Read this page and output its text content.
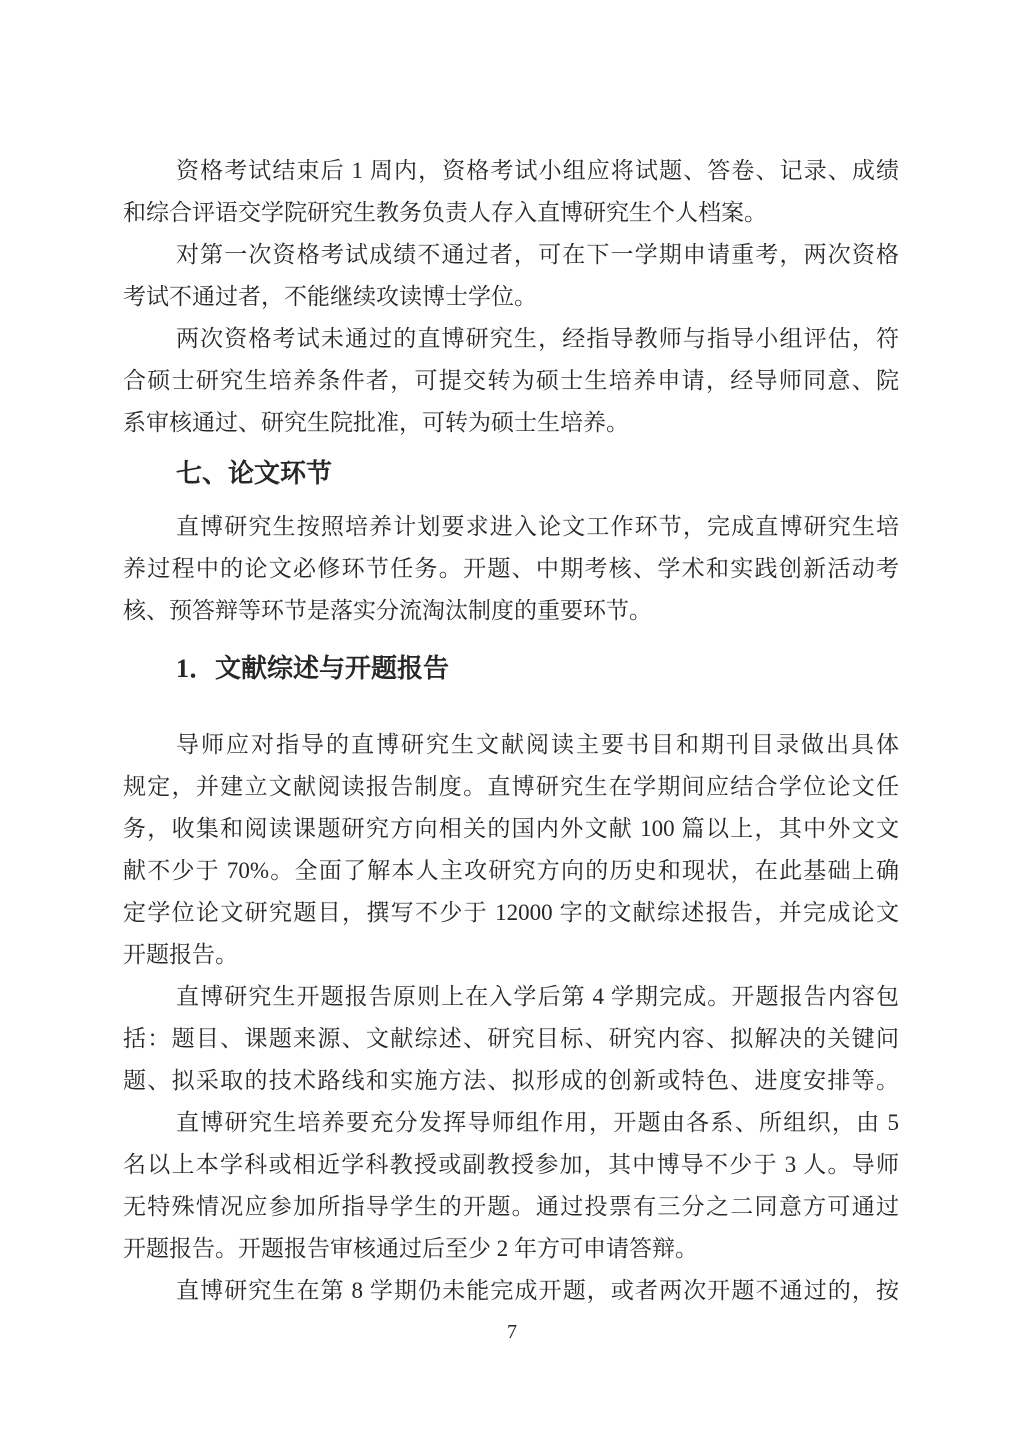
资格考试结束后 1 周内，资格考试小组应将试题、答卷、记录、成绩
和综合评语交学院研究生教务负责人存入直博研究生个人档案。
对第一次资格考试成绩不通过者，可在下一学期申请重考，两次资格
考试不通过者，不能继续攻读博士学位。
两次资格考试未通过的直博研究生，经指导教师与指导小组评估，符
合硕士研究生培养条件者，可提交转为硕士生培养申请，经导师同意、院
系审核通过、研究生院批准，可转为硕士生培养。
七、论文环节
直博研究生按照培养计划要求进入论文工作环节，完成直博研究生培
养过程中的论文必修环节任务。开题、中期考核、学术和实践创新活动考
核、预答辩等环节是落实分流淘汰制度的重要环节。
1．文献综述与开题报告
导师应对指导的直博研究生文献阅读主要书目和期刊目录做出具体
规定，并建立文献阅读报告制度。直博研究生在学期间应结合学位论文任
务，收集和阅读课题研究方向相关的国内外文献 100 篇以上，其中外文文
献不少于 70%。全面了解本人主攻研究方向的历史和现状，在此基础上确
定学位论文研究题目，撰写不少于 12000 字的文献综述报告，并完成论文
开题报告。
直博研究生开题报告原则上在入学后第 4 学期完成。开题报告内容包
括：题目、课题来源、文献综述、研究目标、研究内容、拟解决的关键问
题、拟采取的技术路线和实施方法、拟形成的创新或特色、进度安排等。
直博研究生培养要充分发挥导师组作用，开题由各系、所组织，由 5
名以上本学科或相近学科教授或副教授参加，其中博导不少于 3 人。导师
无特殊情况应参加所指导学生的开题。通过投票有三分之二同意方可通过
开题报告。开题报告审核通过后至少 2 年方可申请答辩。
直博研究生在第 8 学期仍未能完成开题，或者两次开题不通过的，按
7
